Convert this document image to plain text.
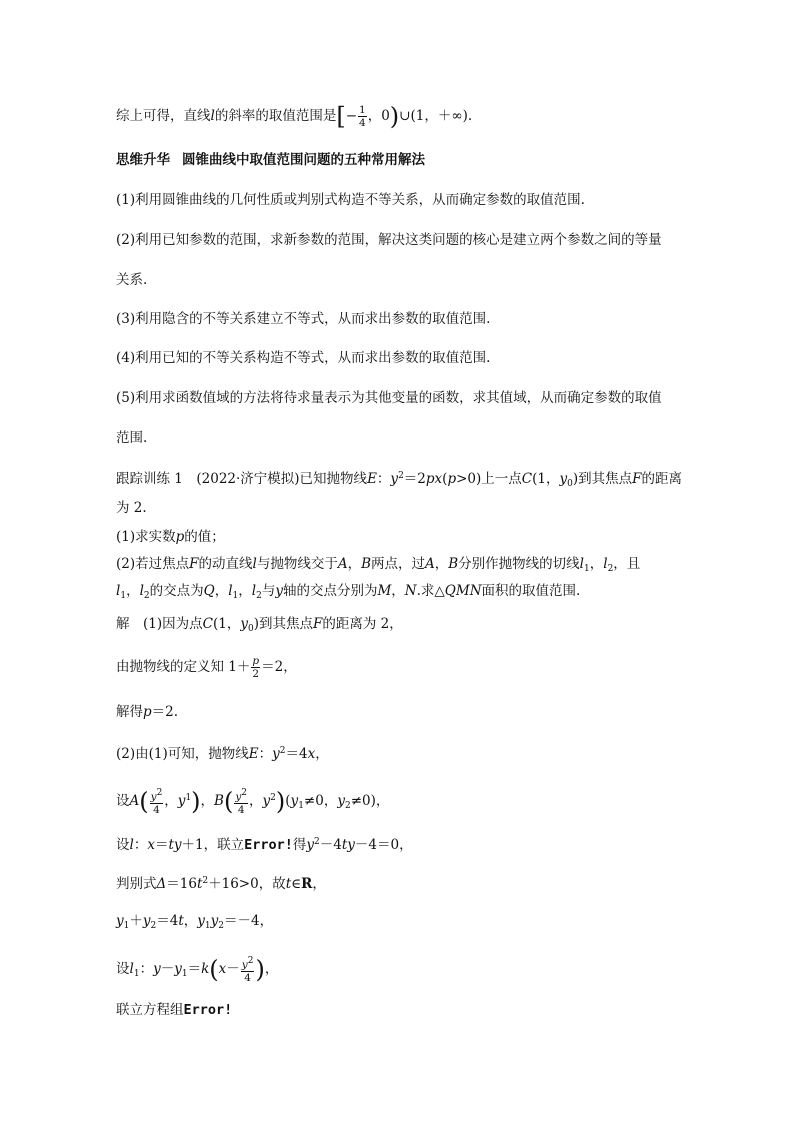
综上可得，直线l的斜率的取值范围是[− $\frac{1}{4}$ ，0)∪(1，＋∞).
思维升华 圆锥曲线中取值范围问题的五种常用解法
(1)利用圆锥曲线的几何性质或判别式构造不等关系，从而确定参数的取值范围.
(2)利用已知参数的范围，求新参数的范围，解决这类问题的核心是建立两个参数之间的等量
关系.
(3)利用隐含的不等关系建立不等式，从而求出参数的取值范围.
(4)利用已知的不等关系构造不等式，从而求出参数的取值范围.
(5)利用求函数值域的方法将待求量表示为其他变量的函数，求其值域，从而确定参数的取值
范围.
跟踪训练 1　(2022·济宁模拟)已知抛物线E：$y^2=2px(p>0)$上一点C(1，$y_0$)到其焦点F的距离
为 2.
(1)求实数p的值；
(2)若过焦点F的动直线l与抛物线交于A，B两点，过A，B分别作抛物线的切线$l_1$，$l_2$，且
$l_1$，$l_2$的交点为Q，$l_1$，$l_2$与y轴的交点分别为M，N.求△QMN面积的取值范围.
解　(1)因为点C(1，$y_0$)到其焦点F的距离为 2，
由抛物线的定义知 $1+ \frac{p}{2} =2$，
解得p＝2.
(2)由(1)可知，抛物线E：$y^2=4x$，
设$A( \frac{y2}{4}$ ，$y^1$)，$B( \frac{y2}{4}$ ，$y^2)(y_1\ne 0$，$y_2\ne 0$)，
设l：x＝ty＋1，联立Error!得$y^2-4ty-4=0$，
判别式$\Delta=16t^2+16>0$，故t∈R，
$y_1+y_2=4t$，$y_1y_2=-4$，
设$l_1$：$y-y_1=k(x- \frac{y2}{4}$ )，
联立方程组Error!
